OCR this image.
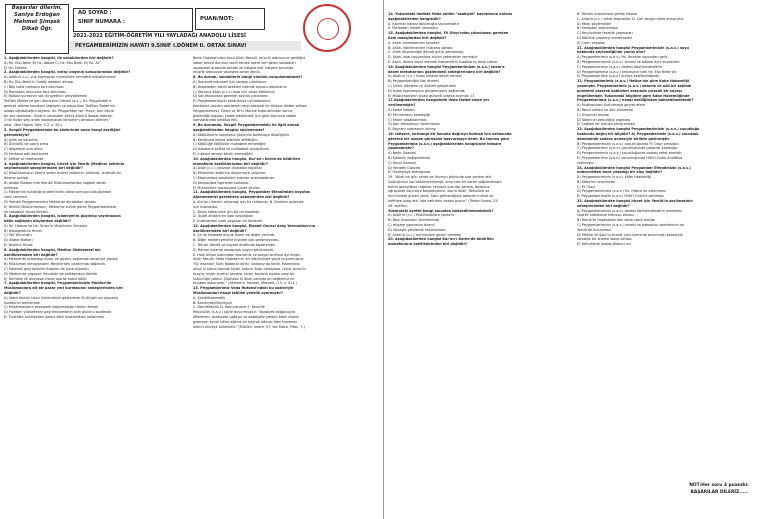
Başarılar dilerim,
Saniye Erdoğan
Mehmet Şimşek
Dikab Öğr.
AD SOYAD :
SINIF NUMARA :	PUAN/NOT:
2021-2022 EĞİTİM-ÖĞRETİM YILI YAYLADAĞI ANADOLU LİSESİ
PEYGAMBERİMİZİN HAYATI 9.SINIF I.DÖNEM II. ORTAK SINAVI

1. Aşağıdakilerden hangisi, ilk sahabilerden biri değildir?

A) Hz. Ebu Bekir B) Hz. Abbas C) Hz. Ebu Bekir D) Hz. Ali

E) Hz. Fatıma

2. Aşağıdakilerden hangisi, miraç olayının sonuçlarından değildir?

A) Allah'ın c.c.) yük koymayan müminlere cennette müjdelenmesi

B) Hz. Ebu Bekir'in Sıddîk lakabını alması

C) Beş vakit namazın farz kılınması

D) Ramazan orucunun farz kılınması

E) Bakara suresinin son iki ayetinin vahyedilmesi

Taif'ten Mekke'ye geri dönerken Cebrail (a.s.), Hz. Peygamber'e

gelerek dilerse kendisini taşlayan ve alaya alan Taiflileri Rabbi'nin

azaba uğratacağını söyledi. Hz. Peygamber ise "Hayır, ben böyle

bir şey istemem. Onların neslinden yalnız Allah'a ibadet edecek,

O'na hiçbir şeyi ortak koşmayacak kimseler çıkmasını dilerim."

dedi. (İbni Hişam, Sîre, C.2, s. 50.)

3. Sevgili Peygamberimiz bu sözlerinde onun hangi özelliğini

görmekteyiz?

A) Azim ve kararlılık

B) Dürüstlü ve planlı olma

C) İstişareye açık olma

D) Herkese adil davranma

E) Şefkat ve merhamet

4. Aşağıdakilerden hangisi, hicret için Yesrib (Medine) şehrinin

seçilmesinde sebeplerinden biri değildir?

A) Müslümanların Şam'a giden ticaret yollarının üstünde, stratejik bir

öneme sahipti.

B) Akabe Biatları'nda Yesribli Müslümanlardan sağlam sözler

alınması

C) Mekke'nin kuraklığına göre iklimi daha uymuyor olduğundan

canlı çekmesi

D) Yesribli Peygamberimiz Mekke'de akrabaları olması

E) Yesribli Müslümanların, Mekke'de zulüm gören Peygamberimize

ile sahabeyi davet etmesi.

5. Aşağıdakilerden hangisi, İslamiyet'in güçlenip yayılmasına

katkı sağlayan olaylardan değildir?

A) Hz. Hamza ve Hz. Ömer'in Müslüman Olmaları

B) Habeşistan'a Hicret

C) Taif Yolculuğu

D) Akabe Biatları

E) Yesrib'e Hicret

6. Aşağıdakilerden hangisi, Medine Sözleşmesi'nin

özelliklerinden biri değildir?

A) Medine'de ortaklaşa huzur ve güveni sağlamak amacıyla yapıldı.

B) Müslüman olmayanların Medine'den çıkarılması sağlandı.

C) Medineli gayrimüslim Arapları da içine alıyordu.

D) Medine'de yaşayan Yahudiler de antlaşmaya dahildi.

E) Tarihteki ilk anayasal metin olarak kabul edilir.

7. Aşağıdakilerden hangisi, Peygamberimizin Medine'de

Müslümanlara ait bir pazar yeri kurmasının sebeplerinden biri

değildir?

A) İslam dininin ticari hükümlerini göstermek B) Ahlaklı bir alışveriş

kurallarını belirlemek

C) Müslümanların ekonomik bağımsızlığını temin etmek

D) Fiyatları yükseltmek gayrimüslimlerin alım gücünü azaltmak

E) Ticarette cahiliyeden kalma kötü alışkanlıkları kaldırmak

Bedir Gazvesi'nden önce Allah Resulü, mücrik ordusunun geldiğini

haber alınca durumu tahlil etmek üzere ileri gelen sahabileri

savaşmak arasında ashabı ile istişare etti. İstişare sonunda

müşrik ordusuyla savaşma kararı alındı.

8. Bu durum, sahabilerin hangi yönünü vurgulamaktadır?

A) Ganimet edinmek için savaşa çıktıklarını

B) İstişareden kendi istekleri halinde sonucu olduklarını

C) Yalnızca Allah (c.c.) rızası için cihad ettiklerini

D) Sorumluluktan gereken sayıda çıktıklarını

E) Peygamberimizin kararlarına uymadıklarını

Kendisine yapılan otoriteleri karşı beklenti ile ekleyip iktidar edinen

Peygamberimiz, Resul ve Bi'r-i Maune kuşkularından sonra,

güdendiği olguları yedek edebilmek için gelir boyunca sabah

namazlarında beddua etti.

9. Bu durumda, Sevgili Peygamberimizin ile ilgili olarak

aşağıdakilerden hangisi söylenemez?

A) Kötülüklerin karşılıksız çözümün bedduaya düştüğünü

B) Kendisine eziyet edenleri affettiğini

C) Kötülüğe kötülükle mukabele etmediğini

D) Ashabına şefkat ve muhabbet duyduğunu

E) İntikam almayı tercih etmediğini

10. Aşağıdakilerden hangisi, Kur'an-ı Kerim'de bildirilen

münafıklık özelliklerinden biri değildir?

A) Allah (c.c.) yolunda cihaddan kaçarlar.

B) Müminleri birbirine düşürmeye çalışırlar.

C) Mazlumlara tahakküm edenler arasındadırlar.

D) Namazlara üşenerek kalkarlar.

E) Müminlerle dayanışma içinde olurlar.

11. Aşağıdakilerden hangisi, Peygamber Efendimizin hayatını

öğrenmemizi gerektiren sebeplerden biri değildir?

A. Kur'an-ı Kerim'i anlamak için bir rehberdir. B. Dinimizi anlamak

için kılavuzdur.

C. Bizim haberinize için bir rol modeldir.

D. Güzel ahlakın en kabı kaynağıdır.

E. İnsanlardan uzak yaşayan bir önderdir.

12. Aşağıdakilerden hangisi, Risalet Öncesi Arap Yarımadası'nın

özelliklerinden biri değildir?

A. Şir ile hitabete büyük önem ve değer verilirdi.

B. Diğer medeniyetlerle ilişkileri çok gelişmeyordu.

C. Tek bir devlet ve bayrak etrafında toplanmıştı.

D. Haram aylarda savaşmak uygun görülmezdi.

E. Halk birçok bakımdan ekonomik ve sosyal sınıflara ayrılmıştı.

Allah Resulü, Veda Hutbesi'nin bir bölümünde şöyle buyurmuştur:

"Ey insanlar! Sizin Rabbiniz birdir, babanız da birdir. Habersiniz

olsun ki takva dışında hiçbir Arap'ın Arap olmayana, hiçbir Acem'in

Arap'a, hiçbir siyahın beyaza, hiçbir beyazın siyaha karşı bir

üstünlüğü yoktur. Şüphesiz ki Allah katında en değerliniz en

muttaki olanınızdır." (Ahmed b. Hanbel, Müsned, C.5, s. 411.)

13. Peygamberimiz Veda Hutbesi'ndeki bu sözleriyle

Müslümanları hangi tehlike yönelik uyarmıştır?

A. Şirk/bütperestlik

B. Kavmiyetçilik/ırkçılık

C. Fakr/fetecilik D. Kanunsuzluk E. Faizcilik

Resulullah (s.a.v.) şöyle buyurmuştur: "Asabiyet dağgusuyla

öfkelenen, asabiyete çağıran ve asabiyete yardım eden kişinin

gidenken kendi kitine ağlmış bir bayrak altında ölen kimsenin

ölümü cahiliye ölümüdür." (Müslim, İmâre, 57; İbn Mâce, Fiten, 7.)

14. Yukarıdaki hadiste ifade edilen "asabiyet" kavramının anlamı

aşağıdakilerden hangisidir?

A. Kavmini haksız davranışta savunmaktır.

E. Putlardan medet ummaktır.

15. Aşağıdakilerden hangisi, Fil Olayı'ndan çıkarılması gereken

ilahi mesajlardan biri değildir?

A. Allah, zulmedenleri sevmez.

B. Allah, kibirlenenleri hüsrana uğratır.

C. Allah düşmanlığa iktisab gütür gelmemez.

D. Allah, bazı hayvanlara zulüm yetenekler vermiştir.

E. Allah, dinine zarar vermek isteyenlerin tuzaklarını boşa çıkarır.

16. Aşağıdakilerden hangisi Peygamberimizin (s.a.v.) İslam'a

davet metotlarının gözlenmesi sebeplerinden biri değildir?

A) Allah'ın (c.c.) insan eksene davet etmesi

B) Peygamberliğin ilan etmesi

C) Çevre ülkelerle iyi ilişkiler geliştirmek

D) İslam toplumunun güçlenmesini sağlamak

E) Müslümanların siyasi güncelli ortaya koymak 17.

17.Aşağıdakilerden hangisinde Veda Hutbe'sinde yer

verilmemiştir?

A) Kadın hakları

B) Mü'minlerin kardeşliği

C) Faizin yasaklanması

D) Kan davalarının kaldırılması

E) Bayram namazının kılınışı

18. İstişare, herhangi bir konuda doğruyu bulmak için sahasında

görerek bir uzman görüşüne başvurmaya denir. Bu tanıma göre

Peygamberimiz (s.a.v.) aşağıdakilerden hangisinde istişare

yapmamıştır?

A) Bedir Gazvesi

B) Kıblenin değiştirilmesi

C) Uhud Gazvesi

D) Hendek Gazvesi

E) Hudeybiye Antlaşması

19. "Allah bir gün yerde ve Huneyn gününde size yardım etti.

Çokluğunuz sizi böbürlendirmişti, ama size bir yararı sağlamamıştı;

bütün genişliğine rağmen yeryüzü size dar gelmiş, bozguna

uğrayarak kaçmaya başlamıştınız. Sonra Allah, Resulüne ve

mü'minlere güven verdi. Sizin görmediğiniz askerler indirdi ve

kafirlere azap etti. İşte kafirlerin cezası budur." (Tevbe Suresi, 25-

26. ayetler)

Yukarıdaki ayette hangi konudan bahsedilmemektedir?

A) Allah'ın (c.c.) Müslümanlara yardımı

B) Bazı insanların kibirlenmesi

C) İstişare yapmanın önemi

D) Savaşta yenilenlik kaçanlardan

E) Allah'ın (c.c.) mü'minlere güven vermesi

20. Aşağıdakilerden hangisi Kur'an-ı Kerim'de bildirilen

münafıkların özelliklerinden biri değildir?

B. Yüksek makamlara gelme hevesi

C. Allah'a (c.c.) ortak koşmaktır. D. Çok zengin olma arzusudur.

A) Yalan söylemeleri

B) Savaştan kaçınmaları

C) Yeryüzünde fesatlık yapmaları

D) Kötülük yapmayı emretmeleri

E) Cimri olmaları

21. Aşağıdakilerden hangisi Peygamberimizin (s.a.v.) soyu

hakkında söylendiğinde yanlış olur?

A) Peygamberimiz (s.a.v.) Hz. İbrahim soyundan gelir.

B) Peygamberimizin (s.a.v.) annesi ve babası aynı soydandır.

C) Peygamberimiz (s.a.v.) dedesi Abdülmuttalib'tir.

D) Peygamberimiz (s.a.v.) amcasının ismi Hz. Ebu Bekir'dir.

E) Peygamberimiz (s.a.v.) Kureyş kabilesindendir.

22. Peygamberimiz (s.a.v.) Hatice'nin gine Kabe Hakemliği

yapmıştır. Peygamberimiz (s.a.v.) akanlık ve adil bir şekilde

problemi çözerek kabileleri arasında çıkacak bir savaşı

engellemiştir. Yukarıdaki bilgilere göre Kâbe Hakemliğinde

Peygamberimiz (s.a.v.) hangi özelliğinden bahsedilmektedir?

A) Muttasından kurtulmaya gayret etme

B) Resul olması ve dini bildirmesi

C) Güvenilir olması

D) Kâbe'nin bekçiliğini yapması

E) Sağlam bir orduya sahip olması

23. Aşağıdakilerden hangisi Peygamberimizin (s.a.v.) çocukluğu

hakkında doğru bir bilgidir? A) Peygamberimiz (s.a.v.) çocukluk

döneminde sadece annesiyle birlikte geçirmiştir.

B) Peygamberimizin (s.a.v.) çocukluğunda Fil Olayı olmuştur.

C) Peygamberimiz (s.a.v.) çocukluğunda çobanlık yapmıştır.

D) Peygamberimiz (s.a.v.) çocukluğunda babası vefat etmiştir.

E) Peygamberimiz (s.a.v.) çocukluğunda Hilfü'l-Fudül Ahlaftina

katılmıştır.

24. Aşağıdakilerden hangisi Peygamber Efendimizin (s.a.v.)

nübüvvetten önce yaşadığı bir olay değildir?

A) Peygamberimizin (s.a.v.) Kâbe Hakemliği

B) Kâbe'nin onarılması

C) Fil Olayı

D) Peygamberimizin (s.a.v.) Hz. Hatice ile evlenmesi

E) Peygamberimizin (s.a.v.) Hilfü'l-Fudül'a katılması

25. Aşağıdakilerden hangisi hicret için Yesrib'in seçilmesinin

sebeplerinden biri değildir?

A) Peygamberimizin (s.a.v.) dedesi Abdülmuttalib'in annesinin

Hazrec kabilesine mensup olması

B) Yesrib'te Habeşistan'dan daha yakın olması

C) Peygamberimizin (s.a.v.) annesi ve babasının kabirlerinin de

Yesrib'de bulunması

D) Mekke ve Şam'ın ticaret yolu üzerinde bulunması sebebiyle

stratejik bir öneme sahip olması

E) Yahudilerle Akabe Biatları'nın

NOT:Her soru 4 puandır.
BAŞARILAR DİLERİZ.....
